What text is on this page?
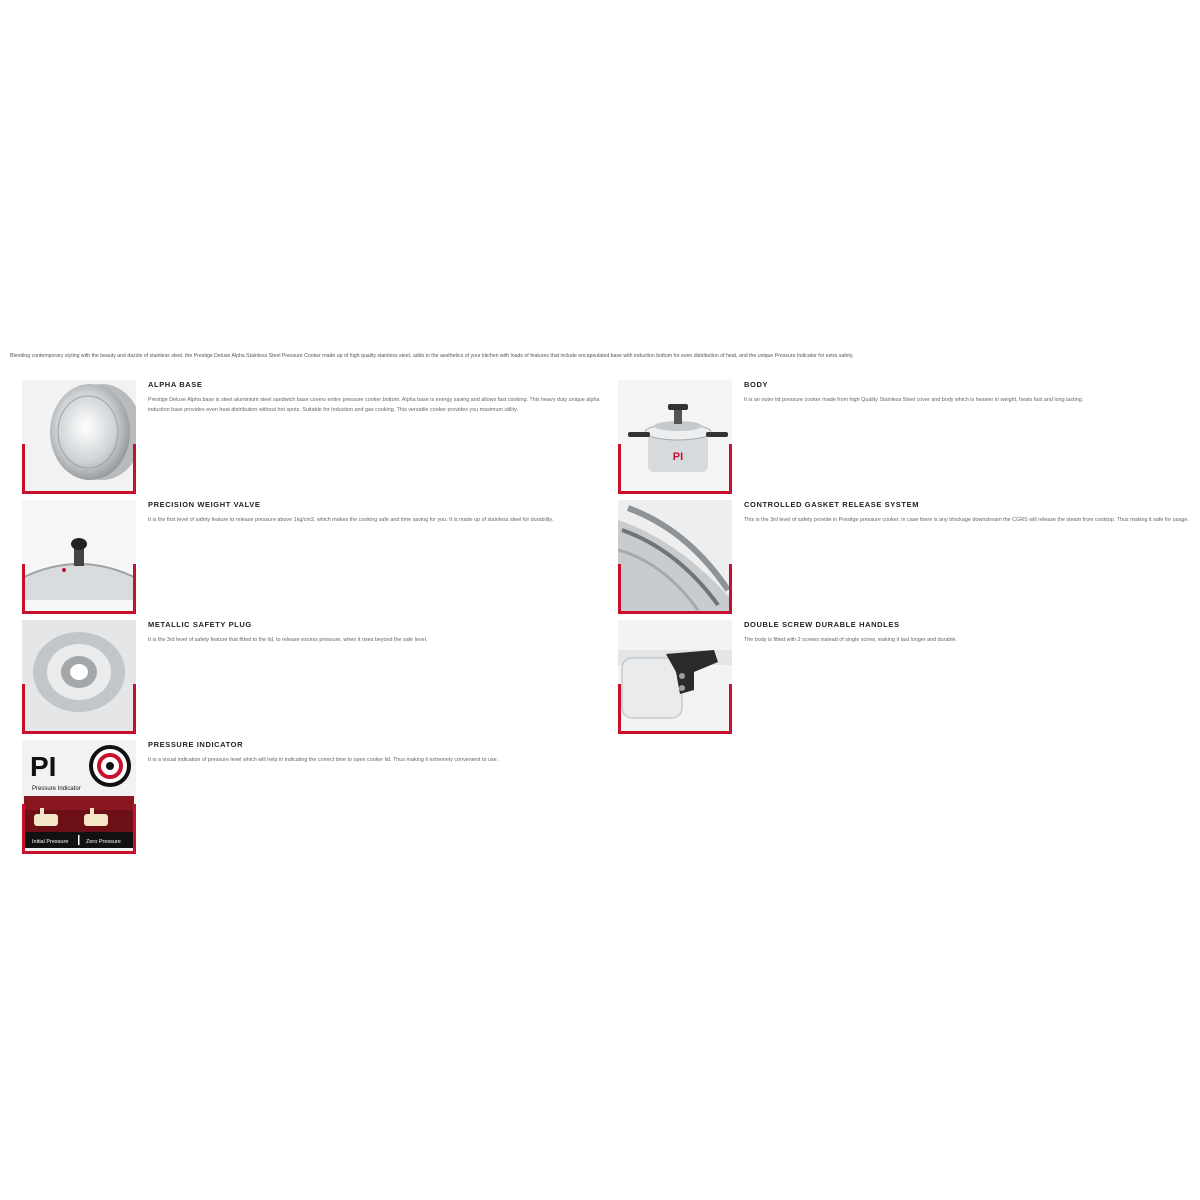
Blending contemporary styling with the beauty and dazzle of stainless steel, the Prestige Deluxe Alpha Stainless Steel Pressure Cooker made up of high quality stainless steel, adds to the aesthetics of your kitchen with loads of features that include encapsulated base with induction bottom for even distribution of heat, and the unique Pressure Indicator for extra safety.
ALPHA BASE
Prestige Deluxe Alpha base is steel aluminium steel sandwich base covers entire pressure cooker bottom. Alpha base is energy saving and allows fast cooking. This heavy duty unique alpha induction base provides even heat distribution without hot spots. Suitable for Induction and gas cooking. This versatile cooker provides you maximum utility.
PI
BODY
It is an outer lid pressure cooker made from high Quality Stainless Steel cover and body which is heavier in weight, heats fast and long lasting.
PRECISION WEIGHT VALVE
It is the first level of safety feature to release pressure above 1kg/cm2, which makes the cooking safe and time saving for you. It is made up of stainless steel for durability.
CONTROLLED GASKET RELEASE SYSTEM
This is the 3rd level of safety provide in Prestige pressure cooker, in case there is any blockage downstream the CGRS will release the steam from cooktop. Thus making it safe for usage.
METALLIC SAFETY PLUG
It is the 3rd level of safety feature that fitted to the lid, to release excess pressure, when it rises beyond the safe level.
DOUBLE SCREW DURABLE HANDLES
The body is fitted with 2 screws instead of single screw, making it last longer and durable.
PI
Pressure Indicator
Initial Pressure	Zero Pressure
PRESSURE INDICATOR
It is a visual indication of pressure level which will help in indicating the correct time to open cooker lid. Thus making it extremely convenient to use.
